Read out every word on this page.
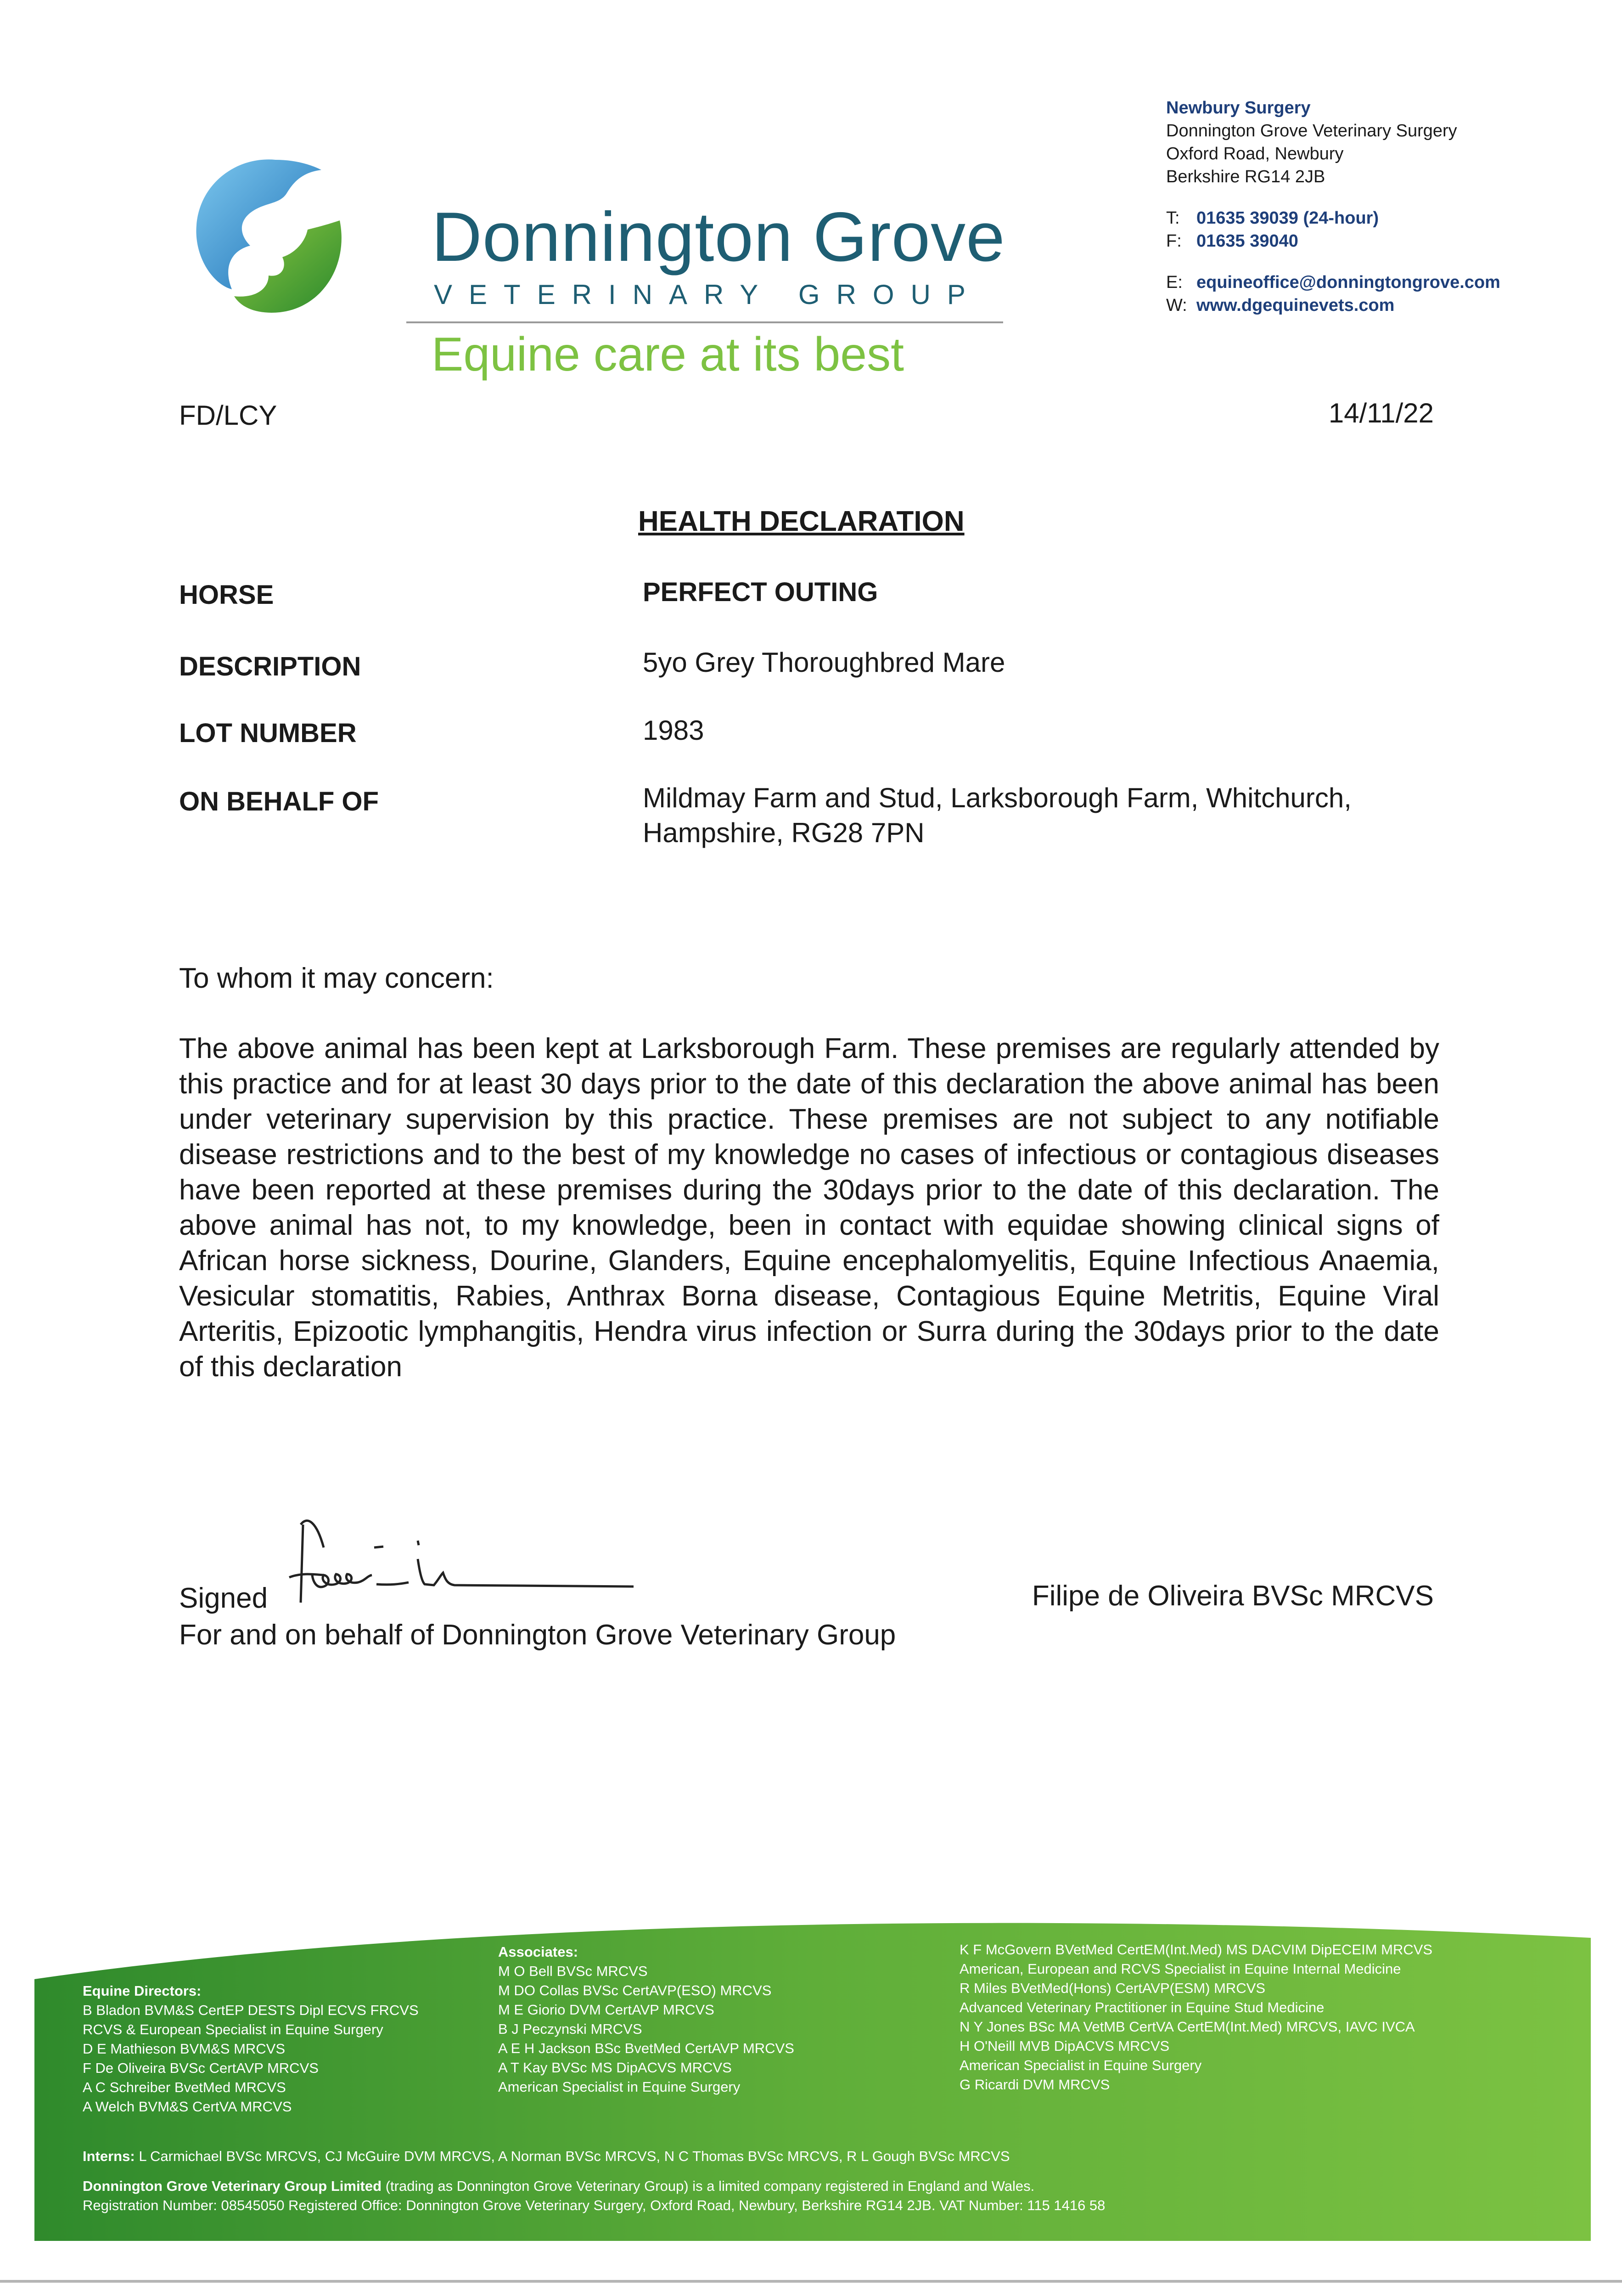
Donnington Grove
VETERINARY GROUP
Equine care at its best
Newbury Surgery
Donnington Grove Veterinary Surgery
Oxford Road, Newbury
Berkshire RG14 2JB
T: 01635 39039 (24-hour)
F: 01635 39040
E: equineoffice@donningtongrove.com
W: www.dgequinevets.com
FD/LCY	14/11/22
HEALTH DECLARATION
HORSE	PERFECT OUTING
DESCRIPTION	5yo Grey Thoroughbred Mare
LOT NUMBER	1983
ON BEHALF OF	Mildmay Farm and Stud, Larksborough Farm, Whitchurch, Hampshire, RG28 7PN
To whom it may concern:
The above animal has been kept at Larksborough Farm. These premises are regularly attended by this practice and for at least 30 days prior to the date of this declaration the above animal has been under veterinary supervision by this practice. These premises are not subject to any notifiable disease restrictions and to the best of my knowledge no cases of infectious or contagious diseases have been reported at these premises during the 30days prior to the date of this declaration. The above animal has not, to my knowledge, been in contact with equidae showing clinical signs of African horse sickness, Dourine, Glanders, Equine encephalomyelitis, Equine Infectious Anaemia, Vesicular stomatitis, Rabies, Anthrax Borna disease, Contagious Equine Metritis, Equine Viral Arteritis, Epizootic lymphangitis, Hendra virus infection or Surra during the 30days prior to the date of this declaration
Signed	Filipe de Oliveira BVSc MRCVS
For and on behalf of Donnington Grove Veterinary Group
Equine Directors:
B Bladon BVM&S CertEP DESTS Dipl ECVS FRCVS
RCVS & European Specialist in Equine Surgery
D E Mathieson BVM&S MRCVS
F De Oliveira BVSc CertAVP MRCVS
A C Schreiber BvetMed MRCVS
A Welch BVM&S CertVA MRCVS
Associates:
M O Bell BVSc MRCVS
M DO Collas BVSc CertAVP(ESO) MRCVS
M E Giorio DVM CertAVP MRCVS
B J Peczynski MRCVS
A E H Jackson BSc BvetMed CertAVP MRCVS
A T Kay BVSc MS DipACVS MRCVS
American Specialist in Equine Surgery
K F McGovern BVetMed CertEM(Int.Med) MS DACVIM DipECEIM MRCVS
American, European and RCVS Specialist in Equine Internal Medicine
R Miles BVetMed(Hons) CertAVP(ESM) MRCVS
Advanced Veterinary Practitioner in Equine Stud Medicine
N Y Jones BSc MA VetMB CertVA CertEM(Int.Med) MRCVS, IAVC IVCA
H O'Neill MVB DipACVS MRCVS
American Specialist in Equine Surgery
G Ricardi DVM MRCVS
Interns: L Carmichael BVSc MRCVS, CJ McGuire DVM MRCVS, A Norman BVSc MRCVS, N C Thomas BVSc MRCVS, R L Gough BVSc MRCVS
Donnington Grove Veterinary Group Limited (trading as Donnington Grove Veterinary Group) is a limited company registered in England and Wales.
Registration Number: 08545050 Registered Office: Donnington Grove Veterinary Surgery, Oxford Road, Newbury, Berkshire RG14 2JB. VAT Number: 115 1416 58
